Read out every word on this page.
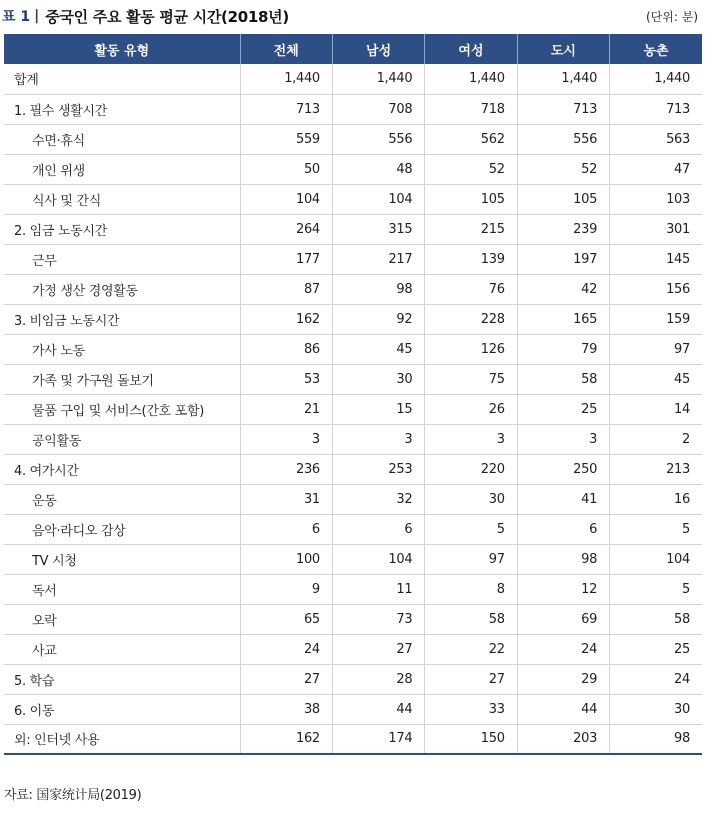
표 1 | 중국인 주요 활동 평균 시간(2018년)	(단위: 분)
활동 유형	전체	남성	여성	도시	농촌
합계	1,440	1,440	1,440	1,440	1,440
1. 필수 생활시간	713	708	718	713	713
수면·휴식	559	556	562	556	563
개인 위생	50	48	52	52	47
식사 및 간식	104	104	105	105	103
2. 임금 노동시간	264	315	215	239	301
근무	177	217	139	197	145
가정 생산 경영활동	87	98	76	42	156
3. 비임금 노동시간	162	92	228	165	159
가사 노동	86	45	126	79	97
가족 및 가구원 돌보기	53	30	75	58	45
물품 구입 및 서비스(간호 포함)	21	15	26	25	14
공익활동	3	3	3	3	2
4. 여가시간	236	253	220	250	213
운동	31	32	30	41	16
음악·라디오 감상	6	6	5	6	5
TV 시청	100	104	97	98	104
독서	9	11	8	12	5
오락	65	73	58	69	58
사교	24	27	22	24	25
5. 학습	27	28	27	29	24
6. 이동	38	44	33	44	30
외: 인터넷 사용	162	174	150	203	98
자료: 国家统计局(2019)
